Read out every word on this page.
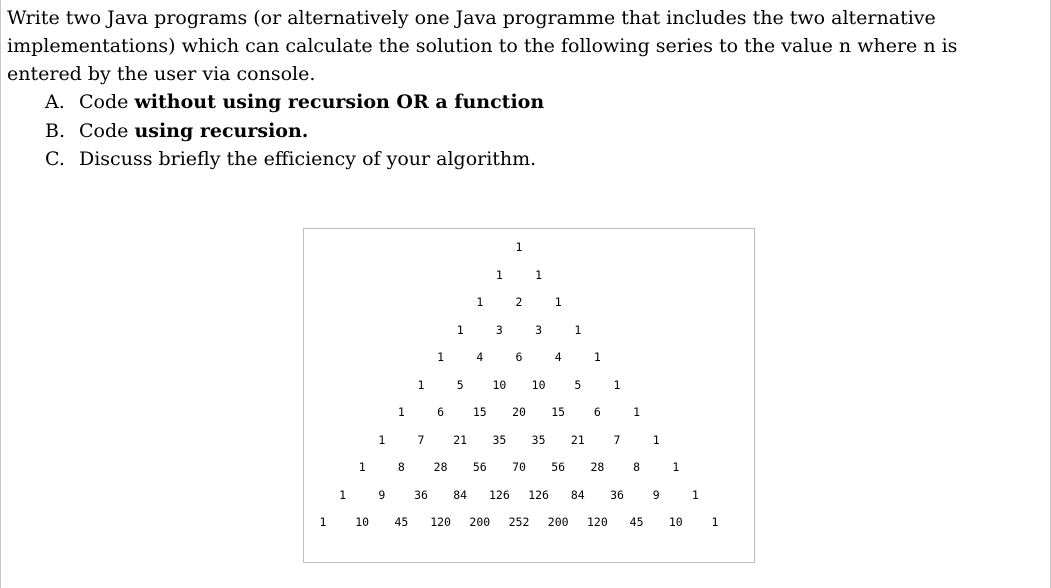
Write two Java programs (or alternatively one Java programme that includes the two alternative
implementations) which can calculate the solution to the following series to the value n where n is
entered by the user via console.
A. Code without using recursion OR a function
B. Code using recursion.
C. Discuss briefly the efficiency of your algorithm.
1
1	1
1	2	1
1	3	3	1
1	4	6	4	1
1	5	10 10	5	1
1	6	15 20 15	6	1
1	7	21 35 35 21	7	1
1	8	28 56 70 56 28	8	1
1	9	36 84 126 126 84 36	9	1
1	10 45 120 200 252 200 120 45 10	1
